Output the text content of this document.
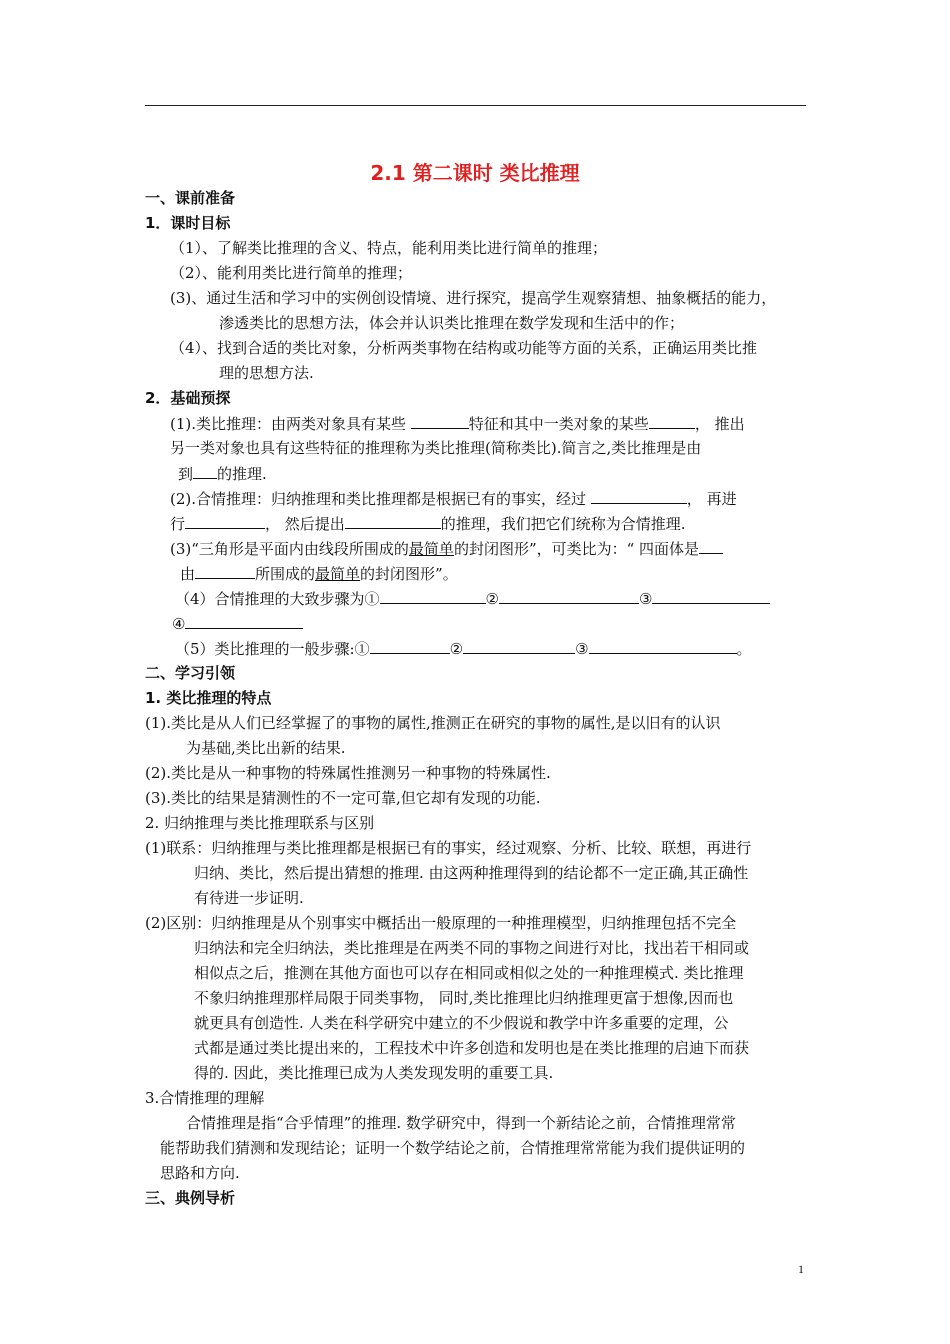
2.1 第二课时 类比推理
一、课前准备
1．课时目标
（1）、了解类比推理的含义、特点，能利用类比进行简单的推理；
（2）、能利用类比进行简单的推理；
(3)、通过生活和学习中的实例创设情境、进行探究，提高学生观察猜想、抽象概括的能力，
渗透类比的思想方法，体会并认识类比推理在数学发现和生活中的作；
（4）、找到合适的类比对象，分析两类事物在结构或功能等方面的关系，正确运用类比推
理的思想方法.
2．基础预探
(1).类比推理：由两类对象具有某些	特征和其中一类对象的某些	， 推出
另一类对象也具有这些特征的推理称为类比推理(简称类比).简言之,类比推理是由
到 的推理.
(2).合情推理：归纳推理和类比推理都是根据已有的事实，经过	， 再进
行	， 然后提出	的推理，我们把它们统称为合情推理.
(3)“三角形是平面内由线段所围成的最简单的封闭图形”，可类比为：“ 四面体是
由	所围成的最简单的封闭图形”。
（4）合情推理的大致步骤为①	②	③
④
（5）类比推理的一般步骤:①	②	③	。
二、学习引领
1. 类比推理的特点
(1).类比是从人们已经掌握了的事物的属性,推测正在研究的事物的属性,是以旧有的认识
为基础,类比出新的结果.
(2).类比是从一种事物的特殊属性推测另一种事物的特殊属性.
(3).类比的结果是猜测性的不一定可靠,但它却有发现的功能.
2. 归纳推理与类比推理联系与区别
(1)联系：归纳推理与类比推理都是根据已有的事实，经过观察、分析、比较、联想，再进行
归纳、类比，然后提出猜想的推理. 由这两种推理得到的结论都不一定正确,其正确性
有待进一步证明.
(2)区别：归纳推理是从个别事实中概括出一般原理的一种推理模型，归纳推理包括不完全
归纳法和完全归纳法，类比推理是在两类不同的事物之间进行对比，找出若干相同或
相似点之后，推测在其他方面也可以存在相同或相似之处的一种推理模式. 类比推理
不象归纳推理那样局限于同类事物， 同时,类比推理比归纳推理更富于想像,因而也
就更具有创造性. 人类在科学研究中建立的不少假说和教学中许多重要的定理，公
式都是通过类比提出来的，工程技术中许多创造和发明也是在类比推理的启迪下而获
得的. 因此，类比推理已成为人类发现发明的重要工具.
3.合情推理的理解
合情推理是指“合乎情理”的推理. 数学研究中，得到一个新结论之前，合情推理常常
能帮助我们猜测和发现结论；证明一个数学结论之前，合情推理常常能为我们提供证明的
思路和方向.
三、典例导析
1
